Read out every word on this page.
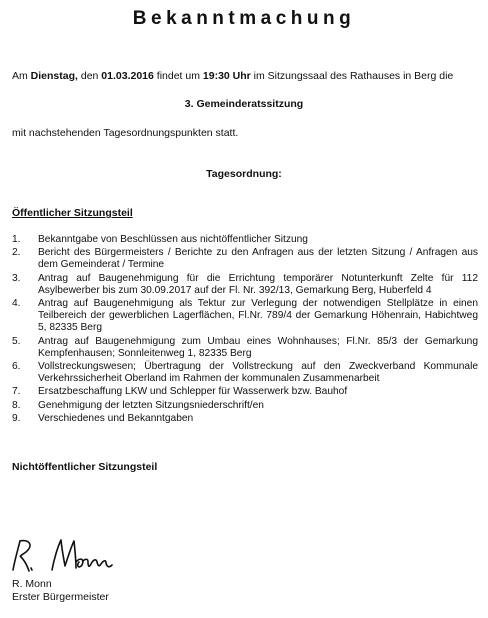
Bekanntmachung
Am Dienstag, den 01.03.2016 findet um 19:30 Uhr im Sitzungssaal des Rathauses in Berg die
3. Gemeinderatssitzung
mit nachstehenden Tagesordnungspunkten statt.
Tagesordnung:
Öffentlicher Sitzungsteil
1.	Bekanntgabe von Beschlüssen aus nichtöffentlicher Sitzung
2.	Bericht des Bürgermeisters / Berichte zu den Anfragen aus der letzten Sitzung / Anfragen aus dem Gemeinderat / Termine
3.	Antrag auf Baugenehmigung für die Errichtung temporärer Notunterkunft Zelte für 112 Asylbewerber bis zum 30.09.2017 auf der Fl. Nr. 392/13, Gemarkung Berg, Huberfeld 4
4.	Antrag auf Baugenehmigung als Tektur zur Verlegung der notwendigen Stellplätze in einen Teilbereich der gewerblichen Lagerflächen, Fl.Nr. 789/4 der Gemarkung Höhenrain, Habichtweg 5, 82335 Berg
5.	Antrag auf Baugenehmigung zum Umbau eines Wohnhauses; Fl.Nr. 85/3 der Gemarkung Kempfenhausen; Sonnleitenweg 1, 82335 Berg
6.	Vollstreckungswesen; Übertragung der Vollstreckung auf den Zweckverband Kommunale Verkehrssicherheit Oberland im Rahmen der kommunalen Zusammenarbeit
7.	Ersatzbeschaffung LKW und Schlepper für Wasserwerk bzw. Bauhof
8.	Genehmigung der letzten Sitzungsniederschrift/en
9.	Verschiedenes und Bekanntgaben
Nichtöffentlicher Sitzungsteil
R. Monn
Erster Bürgermeister
